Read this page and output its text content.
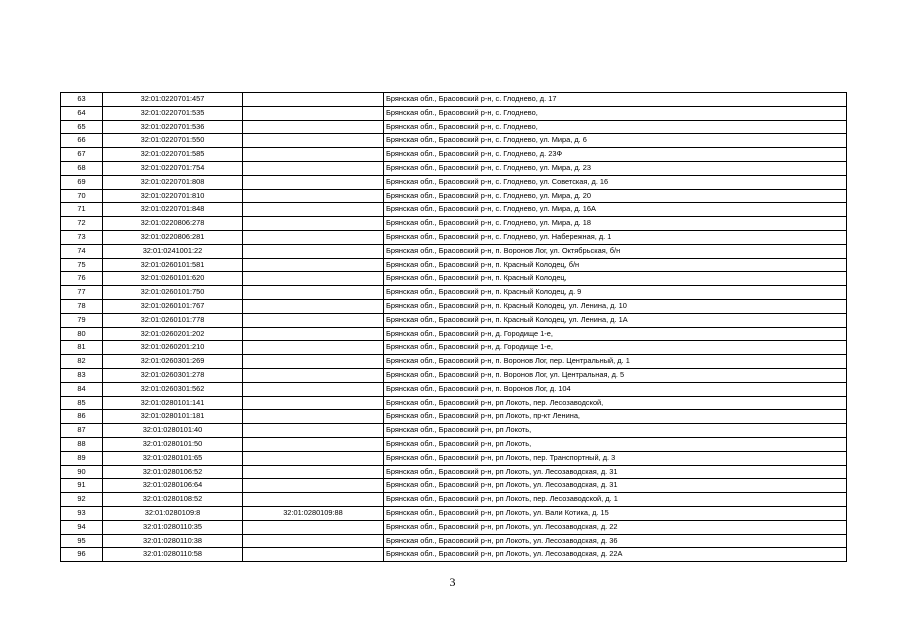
63	32:01:0220701:457		Брянская обл., Брасовский р-н, с. Глоднево, д. 17
64	32:01:0220701:535		Брянская обл., Брасовский р-н, с. Глоднево,
65	32:01:0220701:536		Брянская обл., Брасовский р-н, с. Глоднево,
66	32:01:0220701:550		Брянская обл., Брасовский р-н, с. Глоднево, ул. Мира, д. 6
67	32:01:0220701:585		Брянская обл., Брасовский р-н, с. Глоднево, д. 23Ф
68	32:01:0220701:754		Брянская обл., Брасовский р-н, с. Глоднево, ул. Мира, д. 23
69	32:01:0220701:808		Брянская обл., Брасовский р-н, с. Глоднево, ул. Советская, д. 16
70	32:01:0220701:810		Брянская обл., Брасовский р-н, с. Глоднево, ул. Мира, д. 20
71	32:01:0220701:848		Брянская обл., Брасовский р-н, с. Глоднево, ул. Мира, д. 16А
72	32:01:0220806:278		Брянская обл., Брасовский р-н, с. Глоднево, ул. Мира, д. 18
73	32:01:0220806:281		Брянская обл., Брасовский р-н, с. Глоднево, ул. Набережная, д. 1
74	32:01:0241001:22		Брянская обл., Брасовский р-н, п. Воронов Лог, ул. Октябрьская, б/н
75	32:01:0260101:581		Брянская обл., Брасовский р-н, п. Красный Колодец, б/н
76	32:01:0260101:620		Брянская обл., Брасовский р-н, п. Красный Колодец,
77	32:01:0260101:750		Брянская обл., Брасовский р-н, п. Красный Колодец, д. 9
78	32:01:0260101:767		Брянская обл., Брасовский р-н, п. Красный Колодец, ул. Ленина, д. 10
79	32:01:0260101:778		Брянская обл., Брасовский р-н, п. Красный Колодец, ул. Ленина, д. 1А
80	32:01:0260201:202		Брянская обл., Брасовский р-н, д. Городище 1-е,
81	32:01:0260201:210		Брянская обл., Брасовский р-н, д. Городище 1-е,
82	32:01:0260301:269		Брянская обл., Брасовский р-н, п. Воронов Лог, пер. Центральный, д. 1
83	32:01:0260301:278		Брянская обл., Брасовский р-н, п. Воронов Лог, ул. Центральная, д. 5
84	32:01:0260301:562		Брянская обл., Брасовский р-н, п. Воронов Лог, д. 104
85	32:01:0280101:141		Брянская обл., Брасовский р-н, рп Локоть, пер. Лесозаводской,
86	32:01:0280101:181		Брянская обл., Брасовский р-н, рп Локоть, пр-кт Ленина,
87	32:01:0280101:40		Брянская обл., Брасовский р-н, рп Локоть,
88	32:01:0280101:50		Брянская обл., Брасовский р-н, рп Локоть,
89	32:01:0280101:65		Брянская обл., Брасовский р-н, рп Локоть, пер. Транспортный, д. 3
90	32:01:0280106:52		Брянская обл., Брасовский р-н, рп Локоть, ул. Лесозаводская, д. 31
91	32:01:0280106:64		Брянская обл., Брасовский р-н, рп Локоть, ул. Лесозаводская, д. 31
92	32:01:0280108:52		Брянская обл., Брасовский р-н, рп Локоть, пер. Лесозаводской, д. 1
93	32:01:0280109:8	32:01:0280109:88	Брянская обл., Брасовский р-н, рп Локоть, ул. Вали Котика, д. 15
94	32:01:0280110:35		Брянская обл., Брасовский р-н, рп Локоть, ул. Лесозаводская, д. 22
95	32:01:0280110:38		Брянская обл., Брасовский р-н, рп Локоть, ул. Лесозаводская, д. 36
96	32:01:0280110:58		Брянская обл., Брасовский р-н, рп Локоть, ул. Лесозаводская, д. 22А
3
